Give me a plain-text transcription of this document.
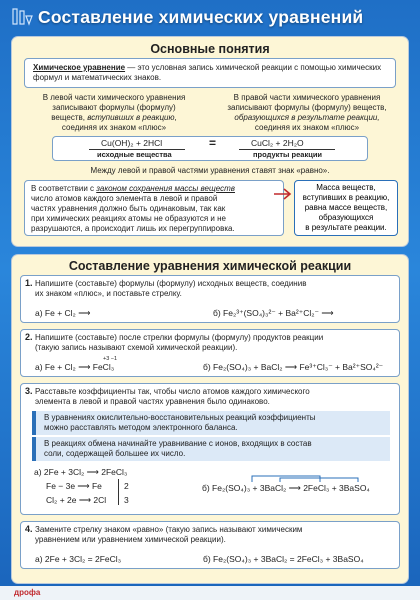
Составление химических уравнений
Основные понятия
Химическое уравнение — это условная запись химической реакции с помощью химических формул и математических знаков.
В левой части химического уравнения
записывают формулы (формулу)
веществ, вступивших в реакцию,
соединяя их знаком «плюс»
В правой части химического уравнения
записывают формулы (формулу) веществ,
образующихся в результате реакции,
соединяя их знаком «плюс»
Cu(OH)₂ + 2HCl	=	CuCl₂ + 2H₂O
исходные вещества	продукты реакции
Между левой и правой частями уравнения ставят знак «равно».
В соответствии с законом сохранения массы веществ
число атомов каждого элемента в левой и правой
частях уравнения должно быть одинаковым, так как
при химических реакциях атомы не образуются и не
разрушаются, а происходит лишь их перегруппировка.
Масса веществ,
вступивших в реакцию,
равна массе веществ,
образующихся
в результате реакции.
Составление уравнения химической реакции
1. Напишите (составьте) формулы (формулу) исходных веществ, соединив
их знаком «плюс», и поставьте стрелку.
а) Fe + Cl₂ ⟶	б) Fe₂³⁺(SO₄)₃²⁻ + Ba²⁺Cl₂⁻ ⟶
2. Напишите (составьте) после стрелки формулы (формулу) продуктов реакции
(такую запись называют схемой химической реакции).
а) Fe + Cl₂ ⟶ FeCl₃
+3 −1
б) Fe₂(SO₄)₃ + BaCl₂ ⟶ Fe³⁺Cl₃⁻ + Ba²⁺SO₄²⁻
3. Расставьте коэффициенты так, чтобы число атомов каждого химического
элемента в левой и правой частях уравнения было одинаково.
В уравнениях окислительно-восстановительных реакций коэффициенты
можно расставлять методом электронного баланса.
В реакциях обмена начинайте уравнивание с ионов, входящих в состав
соли, содержащей большее их число.
а) 2Fe + 3Cl₂ ⟶ 2FeCl₃
Fe − 3e ⟶ Fe
Cl₂ + 2e ⟶ 2Cl
2
3
б) Fe₂(SO₄)₃ + 3BaCl₂ ⟶ 2FeCl₃ + 3BaSO₄
4. Замените стрелку знаком «равно» (такую запись называют химическим
уравнением или уравнением химической реакции).
а) 2Fe + 3Cl₂ = 2FeCl₃	б) Fe₂(SO₄)₃ + 3BaCl₂ = 2FeCl₃ + 3BaSO₄
дрофа
